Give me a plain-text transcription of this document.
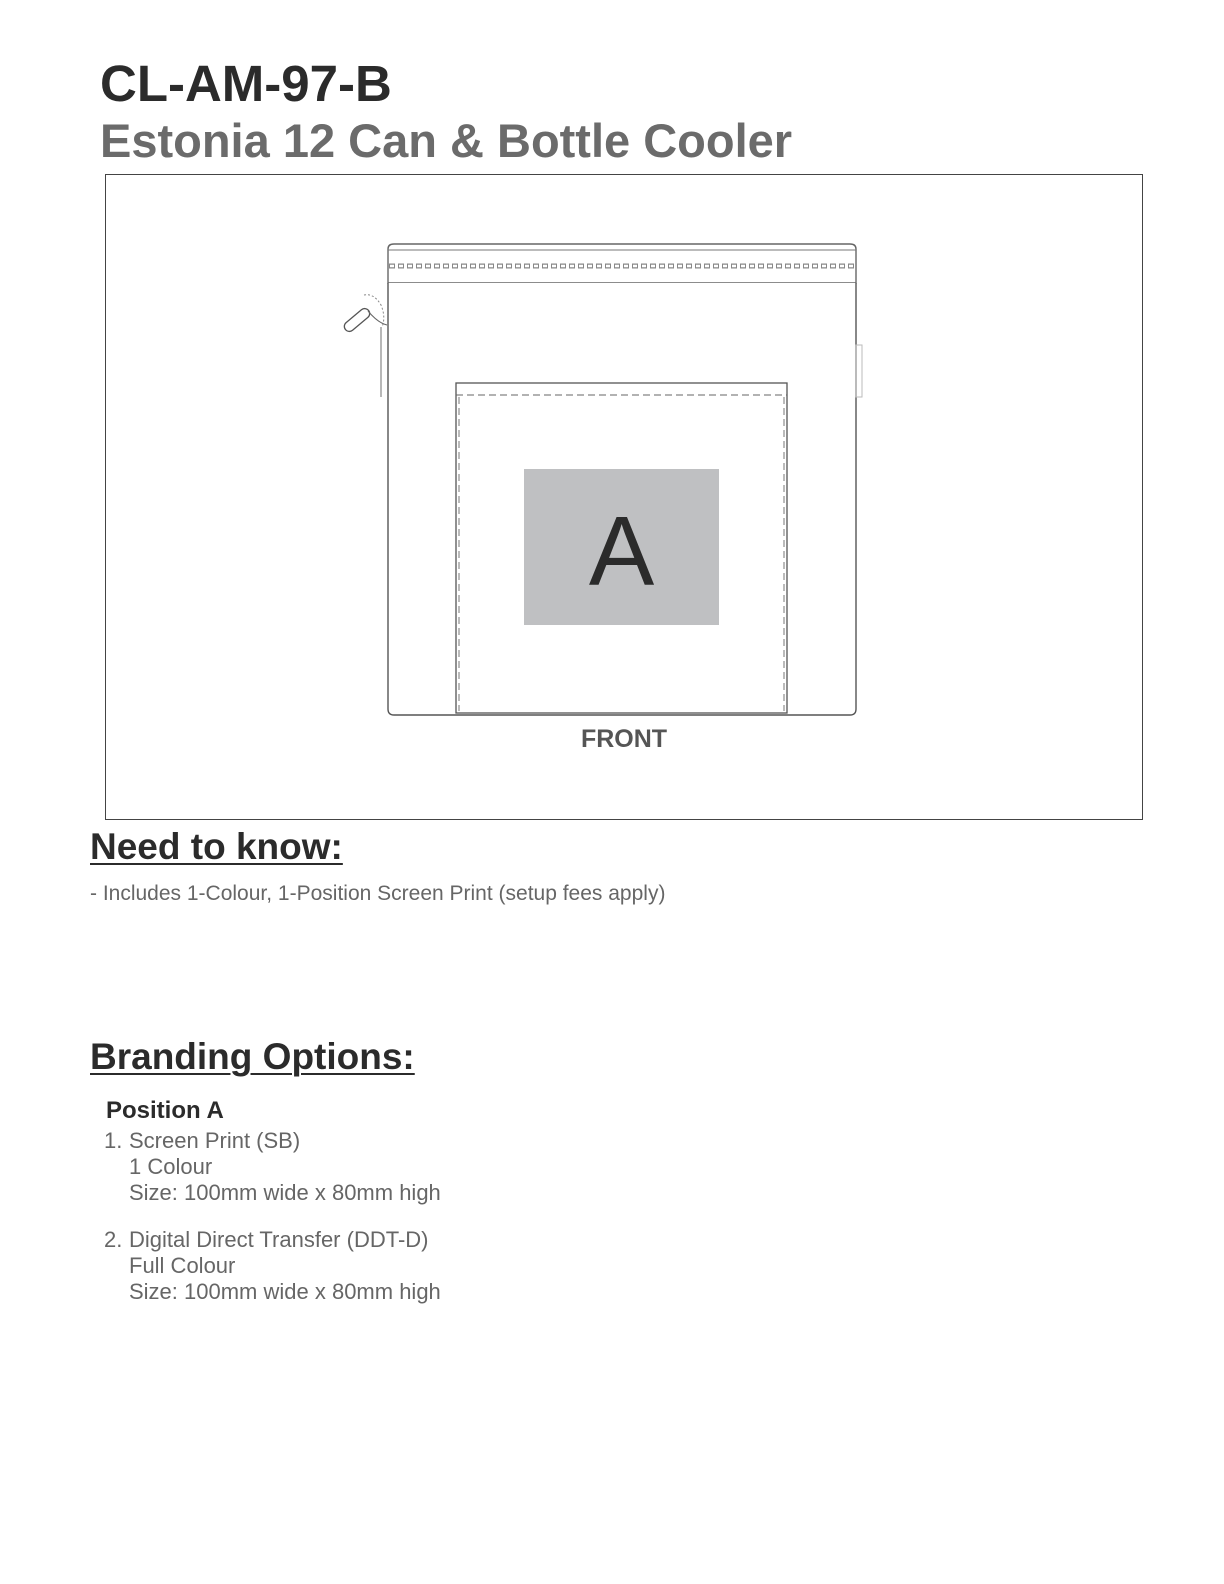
CL-AM-97-B
Estonia 12 Can & Bottle Cooler
A
FRONT
Need to know:
- Includes 1-Colour, 1-Position Screen Print (setup fees apply)
Branding Options:
Position A
1. Screen Print (SB)
1 Colour
Size: 100mm wide x 80mm high
2. Digital Direct Transfer (DDT-D)
Full Colour
Size: 100mm wide x 80mm high
